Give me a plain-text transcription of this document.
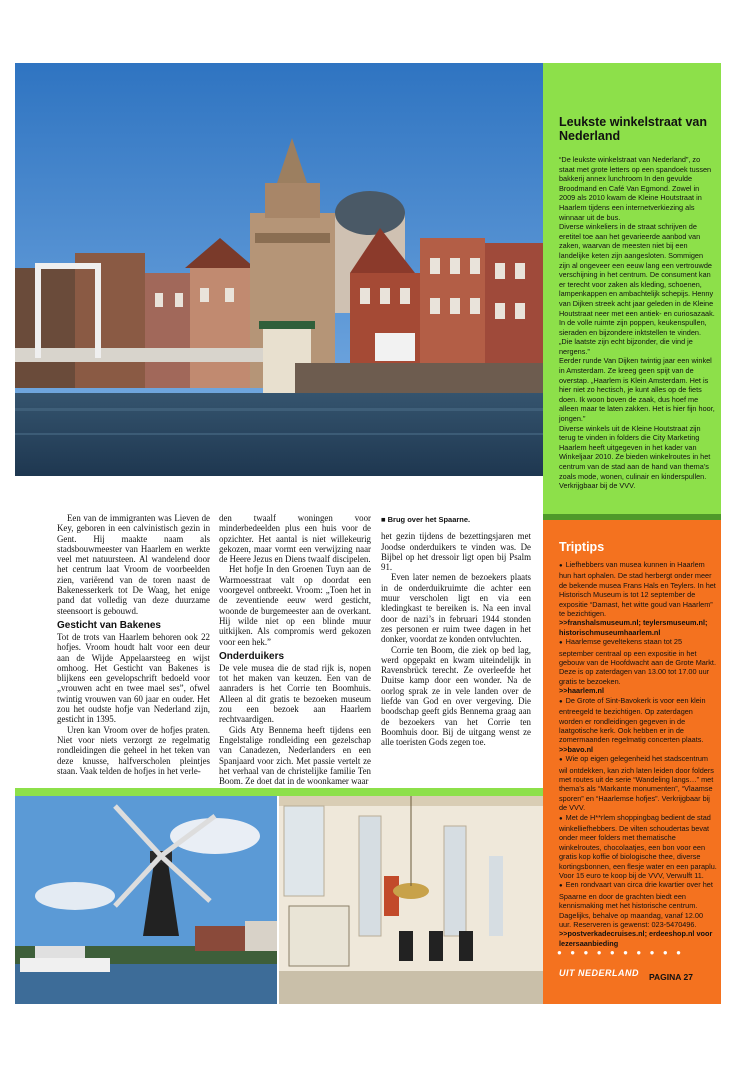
Leukste winkelstraat van Nederland

“De leukste winkelstraat van Nederland”, zo staat met grote letters op een spandoek tussen bakkerij annex lunchroom In den gevulde Broodmand en Café Van Egmond. Zowel in 2009 als 2010 kwam de Kleine Houtstraat in Haarlem tijdens een internetverkiezing als winnaar uit de bus.

Diverse winkeliers in de straat schrijven de eretitel toe aan het gevarieerde aanbod van zaken, waarvan de meesten niet bij een landelijke keten zijn aangesloten. Sommigen zijn al ongeveer een eeuw lang een vertrouwde verschijning in het centrum. De consument kan er terecht voor zaken als kleding, schoenen, lampenkappen en ambachtelijk schepijs. Henny van Dijken streek acht jaar geleden in de Kleine Houtstraat neer met een antiek- en curiosazaak. In de volle ruimte zijn poppen, keukenspullen, sieraden en bijzondere inktstellen te vinden. „Die laatste zijn echt bijzonder, die vind je nergens.”

Eerder runde Van Dijken twintig jaar een winkel in Amsterdam. Ze kreeg geen spijt van de overstap. „Haarlem is Klein Amsterdam. Het is hier niet zo hectisch, je kunt alles op de fiets doen. Ik woon boven de zaak, dus hoef me alleen maar te laten zakken. Het is hier fijn hoor, jongen.”

Diverse winkels uit de Kleine Houtstraat zijn terug te vinden in folders die City Marketing Haarlem heeft uitgegeven in het kader van Winkeljaar 2010. Ze bieden winkelroutes in het centrum van de stad aan de hand van thema’s zoals mode, wonen, culinair en kinderspullen. Verkrijgbaar bij de VVV.

Triptips

● Liefhebbers van musea kunnen in Haarlem hun hart ophalen. De stad herbergt onder meer de bekende musea Frans Hals en Teylers. In het Historisch Museum is tot 12 september de expositie “Damast, het witte goud van Haarlem” te bezichtigen.

>>franshalsmuseum.nl; teylersmuseum.nl; historischmuseumhaarlem.nl

● Haarlemse geveltekens staan tot 25 september centraal op een expositie in het gebouw van de Hoofdwacht aan de Grote Markt. Deze is op zaterdagen van 13.00 tot 17.00 uur gratis te bezoeken.

>>haarlem.nl

● De Grote of Sint-Bavokerk is voor een klein entreegeld te bezichtigen. Op zaterdagen worden er rondleidingen gegeven in de laatgotische kerk. Ook hebben er in de zomermaanden regelmatig concerten plaats.

>>bavo.nl

● Wie op eigen gelegenheid het stadscentrum wil ontdekken, kan zich laten leiden door folders met routes uit de serie “Wandeling langs…” met thema’s als “Markante monumenten”, “Vlaamse sporen” en “Haarlemse hofjes”. Verkrijgbaar bij de VVV.

● Met de H**rlem shoppingbag bedient de stad winkelliefhebbers. De vilten schoudertas bevat onder meer folders met thematische winkelroutes, chocolaatjes, een bon voor een gratis kop koffie of biologische thee, diverse kortingsbonnen, een flesje water en een paraplu. Voor 15 euro te koop bij de VVV, Verwulft 11.

● Een rondvaart van circa drie kwartier over het Spaarne en door de grachten biedt een kennismaking met het historische centrum. Dagelijks, behalve op maandag, vanaf 12.00 uur. Reserveren is gewenst: 023-5470496.

>>postverkadecruises.nl; erdeeshop.nl voor lezersaanbieding

● ● ● ● ● ● ● ● ● ●
UIT NEDERLAND PAGINA 27

Een van de immigranten was Lieven de Key, geboren in een calvinistisch gezin in Gent. Hij maakte naam als stadsbouwmeester van Haarlem en werkte veel met natuursteen. Al wandelend door het centrum laat Vroom de voorbeelden zien, variërend van de toren naast de Bakenesserkerk tot De Waag, het enige pand dat volledig van deze duurzame steensoort is gebouwd.

Gesticht van Bakenes

Tot de trots van Haarlem behoren ook 22 hofjes. Vroom houdt halt voor een deur aan de Wijde Appelaarsteeg en wijst omhoog. Het Gesticht van Bakenes is blijkens een gevelopschrift bedoeld voor „vrouwen acht en twee mael ses”, ofwel twintig vrouwen van 60 jaar en ouder. Het zou het oudste hofje van Nederland zijn, gesticht in 1395.

Uren kan Vroom over de hofjes praten. Niet voor niets verzorgt ze regelmatig rondleidingen die geheel in het teken van deze knusse, halfverscholen pleintjes staan. Vaak telden de hofjes in het verle-

den twaalf woningen voor minderbedeelden plus een huis voor de opzichter. Het aantal is niet willekeurig gekozen, maar vormt een verwijzing naar de Heere Jezus en Diens twaalf discipelen.

Het hofje In den Groenen Tuyn aan de Warmoesstraat valt op doordat een voorgevel ontbreekt. Vroom: „Toen het in de zeventiende eeuw werd gesticht, woonde de burgemeester aan de overkant. Hij wilde niet op een blinde muur uitkijken. Als compromis werd gekozen voor een hek.”

Onderduikers

De vele musea die de stad rijk is, nopen tot het maken van keuzen. Een van de aanraders is het Corrie ten Boomhuis. Alleen al dit gratis te bezoeken museum zou een bezoek aan Haarlem rechtvaardigen.

Gids Aty Bennema heeft tijdens een Engelstalige rondleiding een gezelschap van Canadezen, Nederlanders en een Spanjaard voor zich. Met passie vertelt ze het verhaal van de christelijke familie Ten Boom. Ze doet dat in de woonkamer waar

■ Brug over het Spaarne.

het gezin tijdens de bezettingsjaren met Joodse onderduikers te vinden was. De Bijbel op het dressoir ligt open bij Psalm 91.

Even later nemen de bezoekers plaats in de onderduikruimte die achter een muur verscholen ligt en via een kledingkast te bereiken is. Na een inval door de nazi’s in februari 1944 stonden zes personen er ruim twee dagen in het donker, voordat ze konden ontvluchten.

Corrie ten Boom, die ziek op bed lag, werd opgepakt en kwam uiteindelijk in Ravensbrück terecht. Ze overleefde het Duitse kamp door een wonder. Na de oorlog sprak ze in vele landen over de liefde van God en over vergeving. Die boodschap geeft gids Bennema graag aan de bezoekers van het Corrie ten Boomhuis door. Bij de uitgang wenst ze alle toeristen Gods zegen toe.
